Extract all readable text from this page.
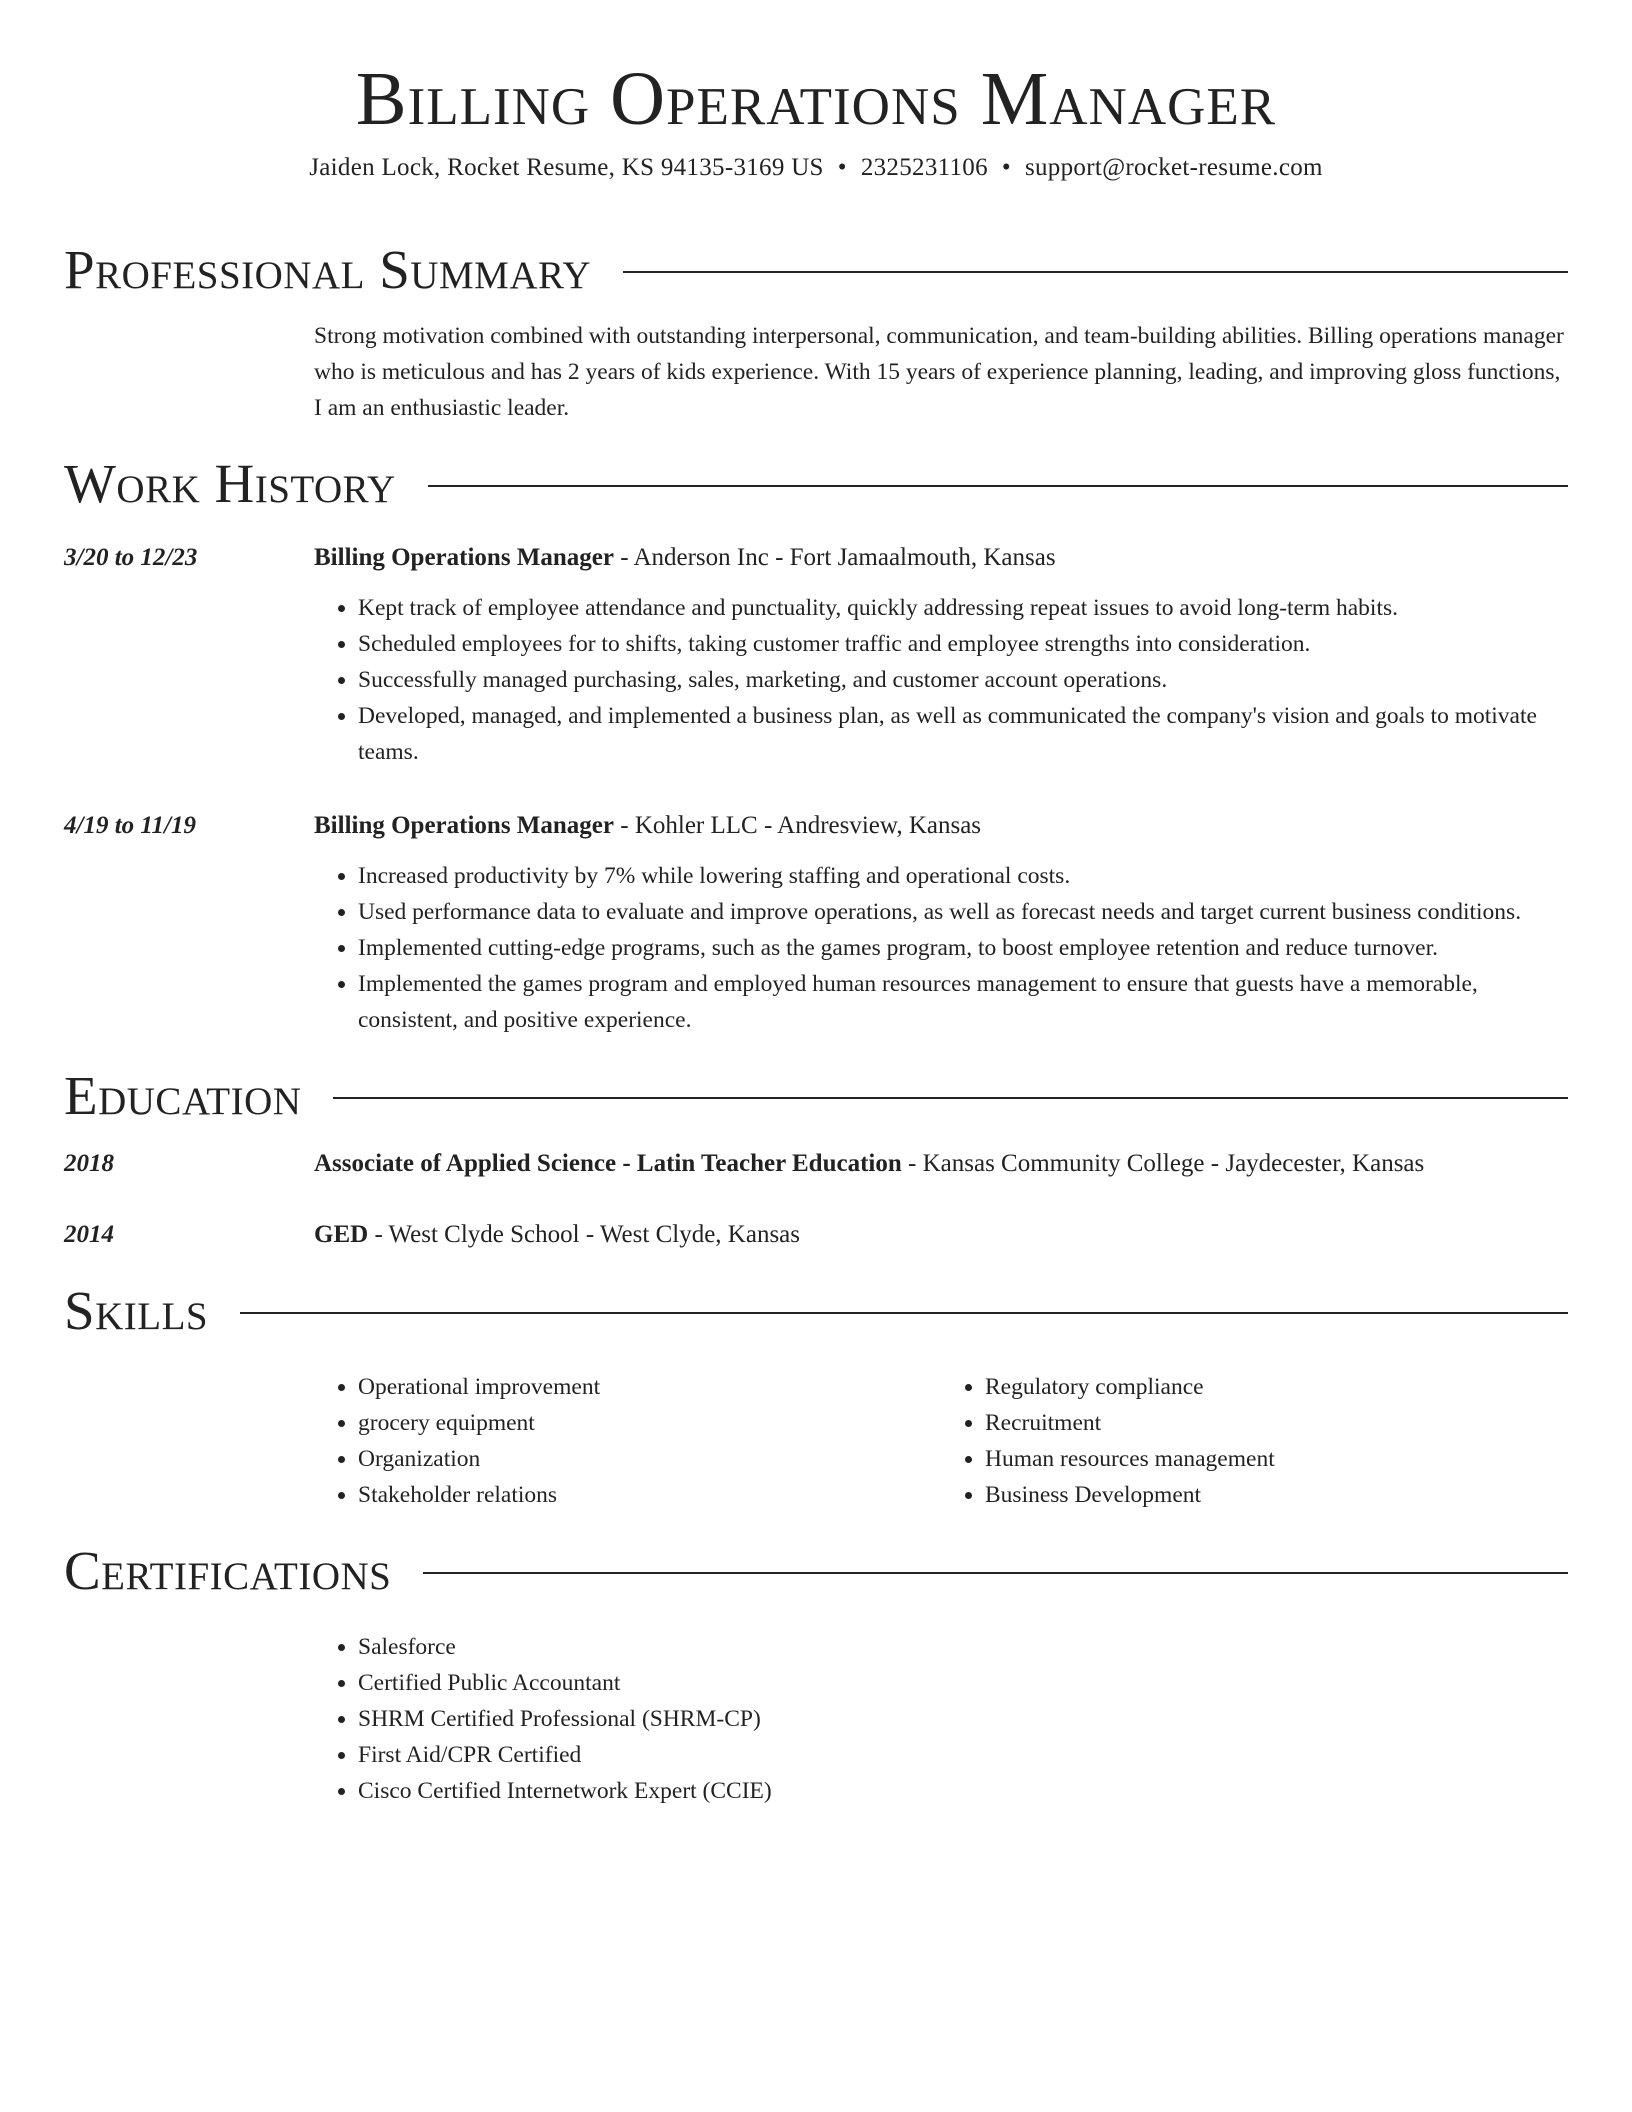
Billing Operations Manager
Jaiden Lock, Rocket Resume, KS 94135-3169 US • 2325231106 • support@rocket-resume.com
Professional Summary

Strong motivation combined with outstanding interpersonal, communication, and team-building abilities. Billing operations manager who is meticulous and has 2 years of kids experience. With 15 years of experience planning, leading, and improving gloss functions, I am an enthusiastic leader.

Work History
3/20 to 12/23	Billing Operations Manager - Anderson Inc - Fort Jamaalmouth, Kansas
• Kept track of employee attendance and punctuality, quickly addressing repeat issues to avoid long-term habits.
• Scheduled employees for to shifts, taking customer traffic and employee strengths into consideration.
• Successfully managed purchasing, sales, marketing, and customer account operations.
• Developed, managed, and implemented a business plan, as well as communicated the company's vision and goals to motivate teams.
4/19 to 11/19	Billing Operations Manager - Kohler LLC - Andresview, Kansas
• Increased productivity by 7% while lowering staffing and operational costs.
• Used performance data to evaluate and improve operations, as well as forecast needs and target current business conditions.
• Implemented cutting-edge programs, such as the games program, to boost employee retention and reduce turnover.
• Implemented the games program and employed human resources management to ensure that guests have a memorable, consistent, and positive experience.
Education
2018	Associate of Applied Science - Latin Teacher Education - Kansas Community College - Jaydecester, Kansas
2014	GED - West Clyde School - West Clyde, Kansas
Skills
• Operational improvement
• grocery equipment
• Organization
• Stakeholder relations
• Regulatory compliance
• Recruitment
• Human resources management
• Business Development
Certifications
• Salesforce
• Certified Public Accountant
• SHRM Certified Professional (SHRM-CP)
• First Aid/CPR Certified
• Cisco Certified Internetwork Expert (CCIE)
